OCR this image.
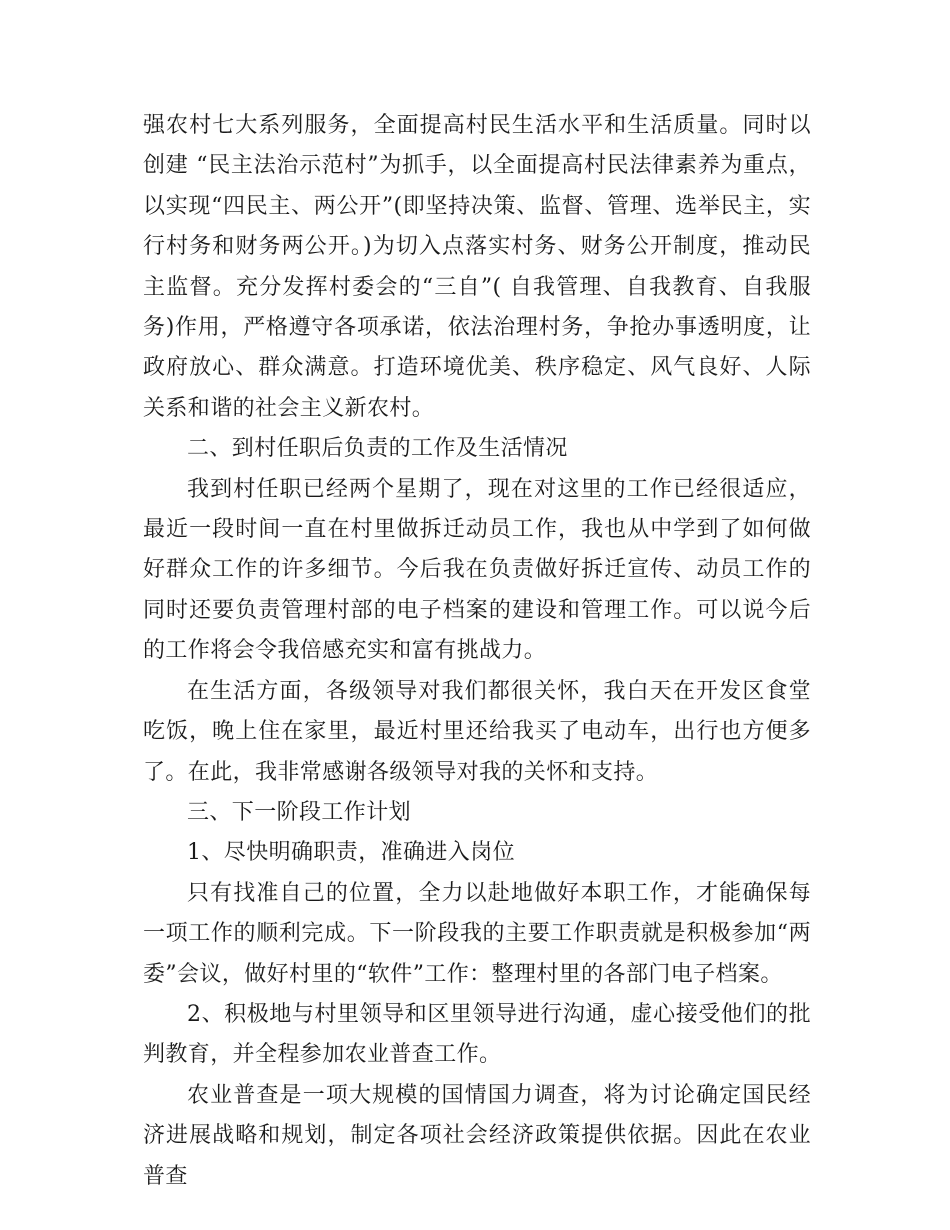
强农村七大系列服务，全面提高村民生活水平和生活质量。同时以创建 “民主法治示范村”为抓手，以全面提高村民法律素养为重点，以实现“四民主、两公开”(即坚持决策、监督、管理、选举民主，实行村务和财务两公开。)为切入点落实村务、财务公开制度，推动民主监督。充分发挥村委会的“三自”( 自我管理、自我教育、自我服务)作用，严格遵守各项承诺，依法治理村务，争抢办事透明度，让政府放心、群众满意。打造环境优美、秩序稳定、风气良好、人际关系和谐的社会主义新农村。

二、到村任职后负责的工作及生活情况

我到村任职已经两个星期了，现在对这里的工作已经很适应，最近一段时间一直在村里做拆迁动员工作，我也从中学到了如何做好群众工作的许多细节。今后我在负责做好拆迁宣传、动员工作的同时还要负责管理村部的电子档案的建设和管理工作。可以说今后的工作将会令我倍感充实和富有挑战力。

在生活方面，各级领导对我们都很关怀，我白天在开发区食堂吃饭，晚上住在家里，最近村里还给我买了电动车，出行也方便多了。在此，我非常感谢各级领导对我的关怀和支持。

三、下一阶段工作计划

1、尽快明确职责，准确进入岗位

只有找准自己的位置，全力以赴地做好本职工作，才能确保每一项工作的顺利完成。下一阶段我的主要工作职责就是积极参加“两委”会议，做好村里的“软件”工作：整理村里的各部门电子档案。

2、积极地与村里领导和区里领导进行沟通，虚心接受他们的批判教育，并全程参加农业普查工作。

农业普查是一项大规模的国情国力调查，将为讨论确定国民经济进展战略和规划，制定各项社会经济政策提供依据。因此在农业普查
